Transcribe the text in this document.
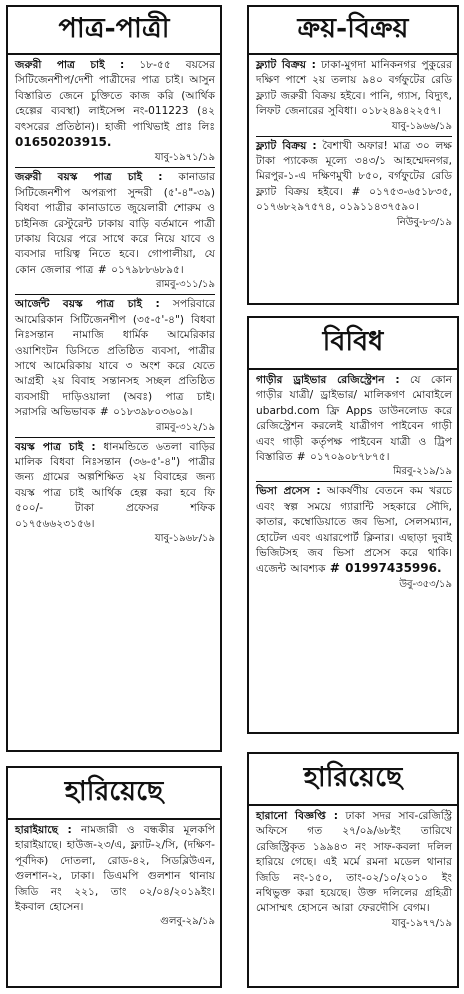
পাত্র-পাত্রী

জরুরী পাত্র চাই : ১৮-৫৫ বয়সের সিটিজেনশীপ/দেশী পাত্রীদের পাত্র চাই। আসুন বিস্তারিত জেনে চুক্তিতে কাজ করি (আর্থিক হেল্পের ব্যবস্থা) লাইসেন্স নং-011223 (৪২ বৎসরের প্রতিষ্ঠান)। হাজী পাখিভাই প্রাঃ লিঃ 01650203915.
যাবু-১৯৭১/১৯

জরুরী বয়স্ক পাত্র চাই : কানাডার সিটিজেনশীপ অপরূপা সুন্দরী (৫'-৪"-৩৯) বিধবা পাত্রীর কানাডাতে জুয়েলারী শোরুম ও চাইনিজ রেস্টুরেন্ট ঢাকায় বাড়ি বর্তমানে পাত্রী ঢাকায় বিয়ের পরে সাথে করে নিয়ে যাবে ও ব্যবসার দায়িত্ব নিতে হবে। গোপালীয়া, যে কোন জেলার পাত্র # ০১৭৯৮৮৬৮৯৫।
রামবু-৩১১/১৯

আর্জেন্ট বয়স্ক পাত্র চাই : সপরিবারে আমেরিকান সিটিজেনশীপ (৩৫-৫'-৪") বিধবা নিঃসন্তান নামাজি ধার্মিক আমেরিকার ওয়াশিংটন ডিসিতে প্রতিষ্ঠিত ব্যবসা, পাত্রীর সাথে আমেরিকায় যাবে ৩ অংশ করে যেতে আগ্রহী ২য় বিবাহ সন্তানসহ সচ্ছল প্রতিষ্ঠিত ব্যবসায়ী দাড়িওয়ালা (অবঃ) পাত্র চাই। সরাসরি অভিভাবক # ০১৮৩৯৮০৩৬০৯।
রামবু-৩১২/১৯

বয়স্ক পাত্র চাই : ধানমন্ডিতে ৬তলা বাড়ির মালিক বিধবা নিঃসন্তান (৩৬-৫'-৪") পাত্রীর জন্য গ্রামের অল্পশিক্ষিত ২য় বিবাহের জন্য বয়স্ক পাত্র চাই আর্থিক হেল্প করা হবে ফি ৫০০/- টাকা প্রফেসর শফিক ০১৭৫৬৬২৩১৫৬।
যাবু-১৯৬৮/১৯

হারিয়েছে

হারাইয়াছে : নামজারী ও বন্ধকীর মূলকপি হারাইয়াছে। হাউজ-২৩/এ, ফ্ল্যাট-২/সি, (দক্ষিণ-পূর্বদিক) দোতলা, রোড-৪২, সিডব্লিউএন, গুলশান-২, ঢাকা। ডিএমপি গুলশান থানায় জিডি নং ২২১, তাং ০২/০৪/২০১৯ইং। ইকবাল হোসেন।
গুলবু-২৯/১৯

ক্রয়-বিক্রয়

ফ্ল্যাট বিক্রয় : ঢাকা-মুগদা মানিকনগর পুকুরের দক্ষিণ পাশে ২য় তলায় ৯৪০ বর্গফুটের রেডি ফ্ল্যাট জরুরী বিক্রয় হইবে। পানি, গ্যাস, বিদ্যুৎ, লিফট জেনারের সুবিধা। ০১৮২৪৯৪২২৫৭।
যাবু-১৯৬৬/১৯

ফ্ল্যাট বিক্রয় : বৈশাখী অফার! মাত্র ৩০ লক্ষ টাকা প্যাকেজ মূল্যে ৩৪৩/১ আহম্মেদনগর, মিরপুর-১-এ দক্ষিণমুখী ৮৫০, বর্গফুটের রেডি ফ্ল্যাট বিক্রয় হইবে। # ০১৭৫৩-৬৫১৮৩৫, ০১৭৬৮২৯৭৫৭৪, ০১৯১১৪৩৭৫৯০।
নিউবু-৮৩/১৯

বিবিধ

গাড়ীর ড্রাইভার রেজিস্ট্রেশন : যে কোন গাড়ীর যাত্রী/ ড্রাইভার/ মালিকগণ মোবাইলে ubarbd.com ফ্রি Apps ডাউনলোড করে রেজিস্ট্রেশন করলেই যাত্রীগণ পাইবেন গাড়ী এবং গাড়ী কর্তৃপক্ষ পাইবেন যাত্রী ও ট্রিপ বিস্তারিত # ০১৭০৯০৮৭৮৭৫।
মিরবু-২১৯/১৯

ভিসা প্রসেস : আকর্ষণীয় বেতনে কম খরচে এবং স্বল্প সময়ে গ্যারান্টি সহকারে সৌদি, কাতার, কম্বোডিয়াতে জব ভিসা, সেলসম্যান, হোটেল এবং এয়ারপোর্ট ক্লিনার। এছাড়া দুবাই ভিজিটসহ জব ভিসা প্রসেস করে থাকি। এজেন্ট আবশ্যক # 01997435996.
উবু-৩৫৩/১৯

হারিয়েছে

হারানো বিজ্ঞপ্তি : ঢাকা সদর সাব-রেজিস্ট্রি অফিসে গত ২৭/০৯/৬৮ইং তারিখে রেজিস্ট্রিকৃত ১৯৯৪৩ নং সাফ-কবলা দলিল হারিয়ে গেছে। এই মর্মে রমনা মডেল থানার জিডি নং-১৫০, তাং-০২/১০/২০১০ ইং নথিভুক্ত করা হয়েছে। উক্ত দলিলের গ্রহিত্রী মোসাম্মৎ হোসনে আরা ফেরদৌসি বেগম।
যাবু-১৯৭৭/১৯
